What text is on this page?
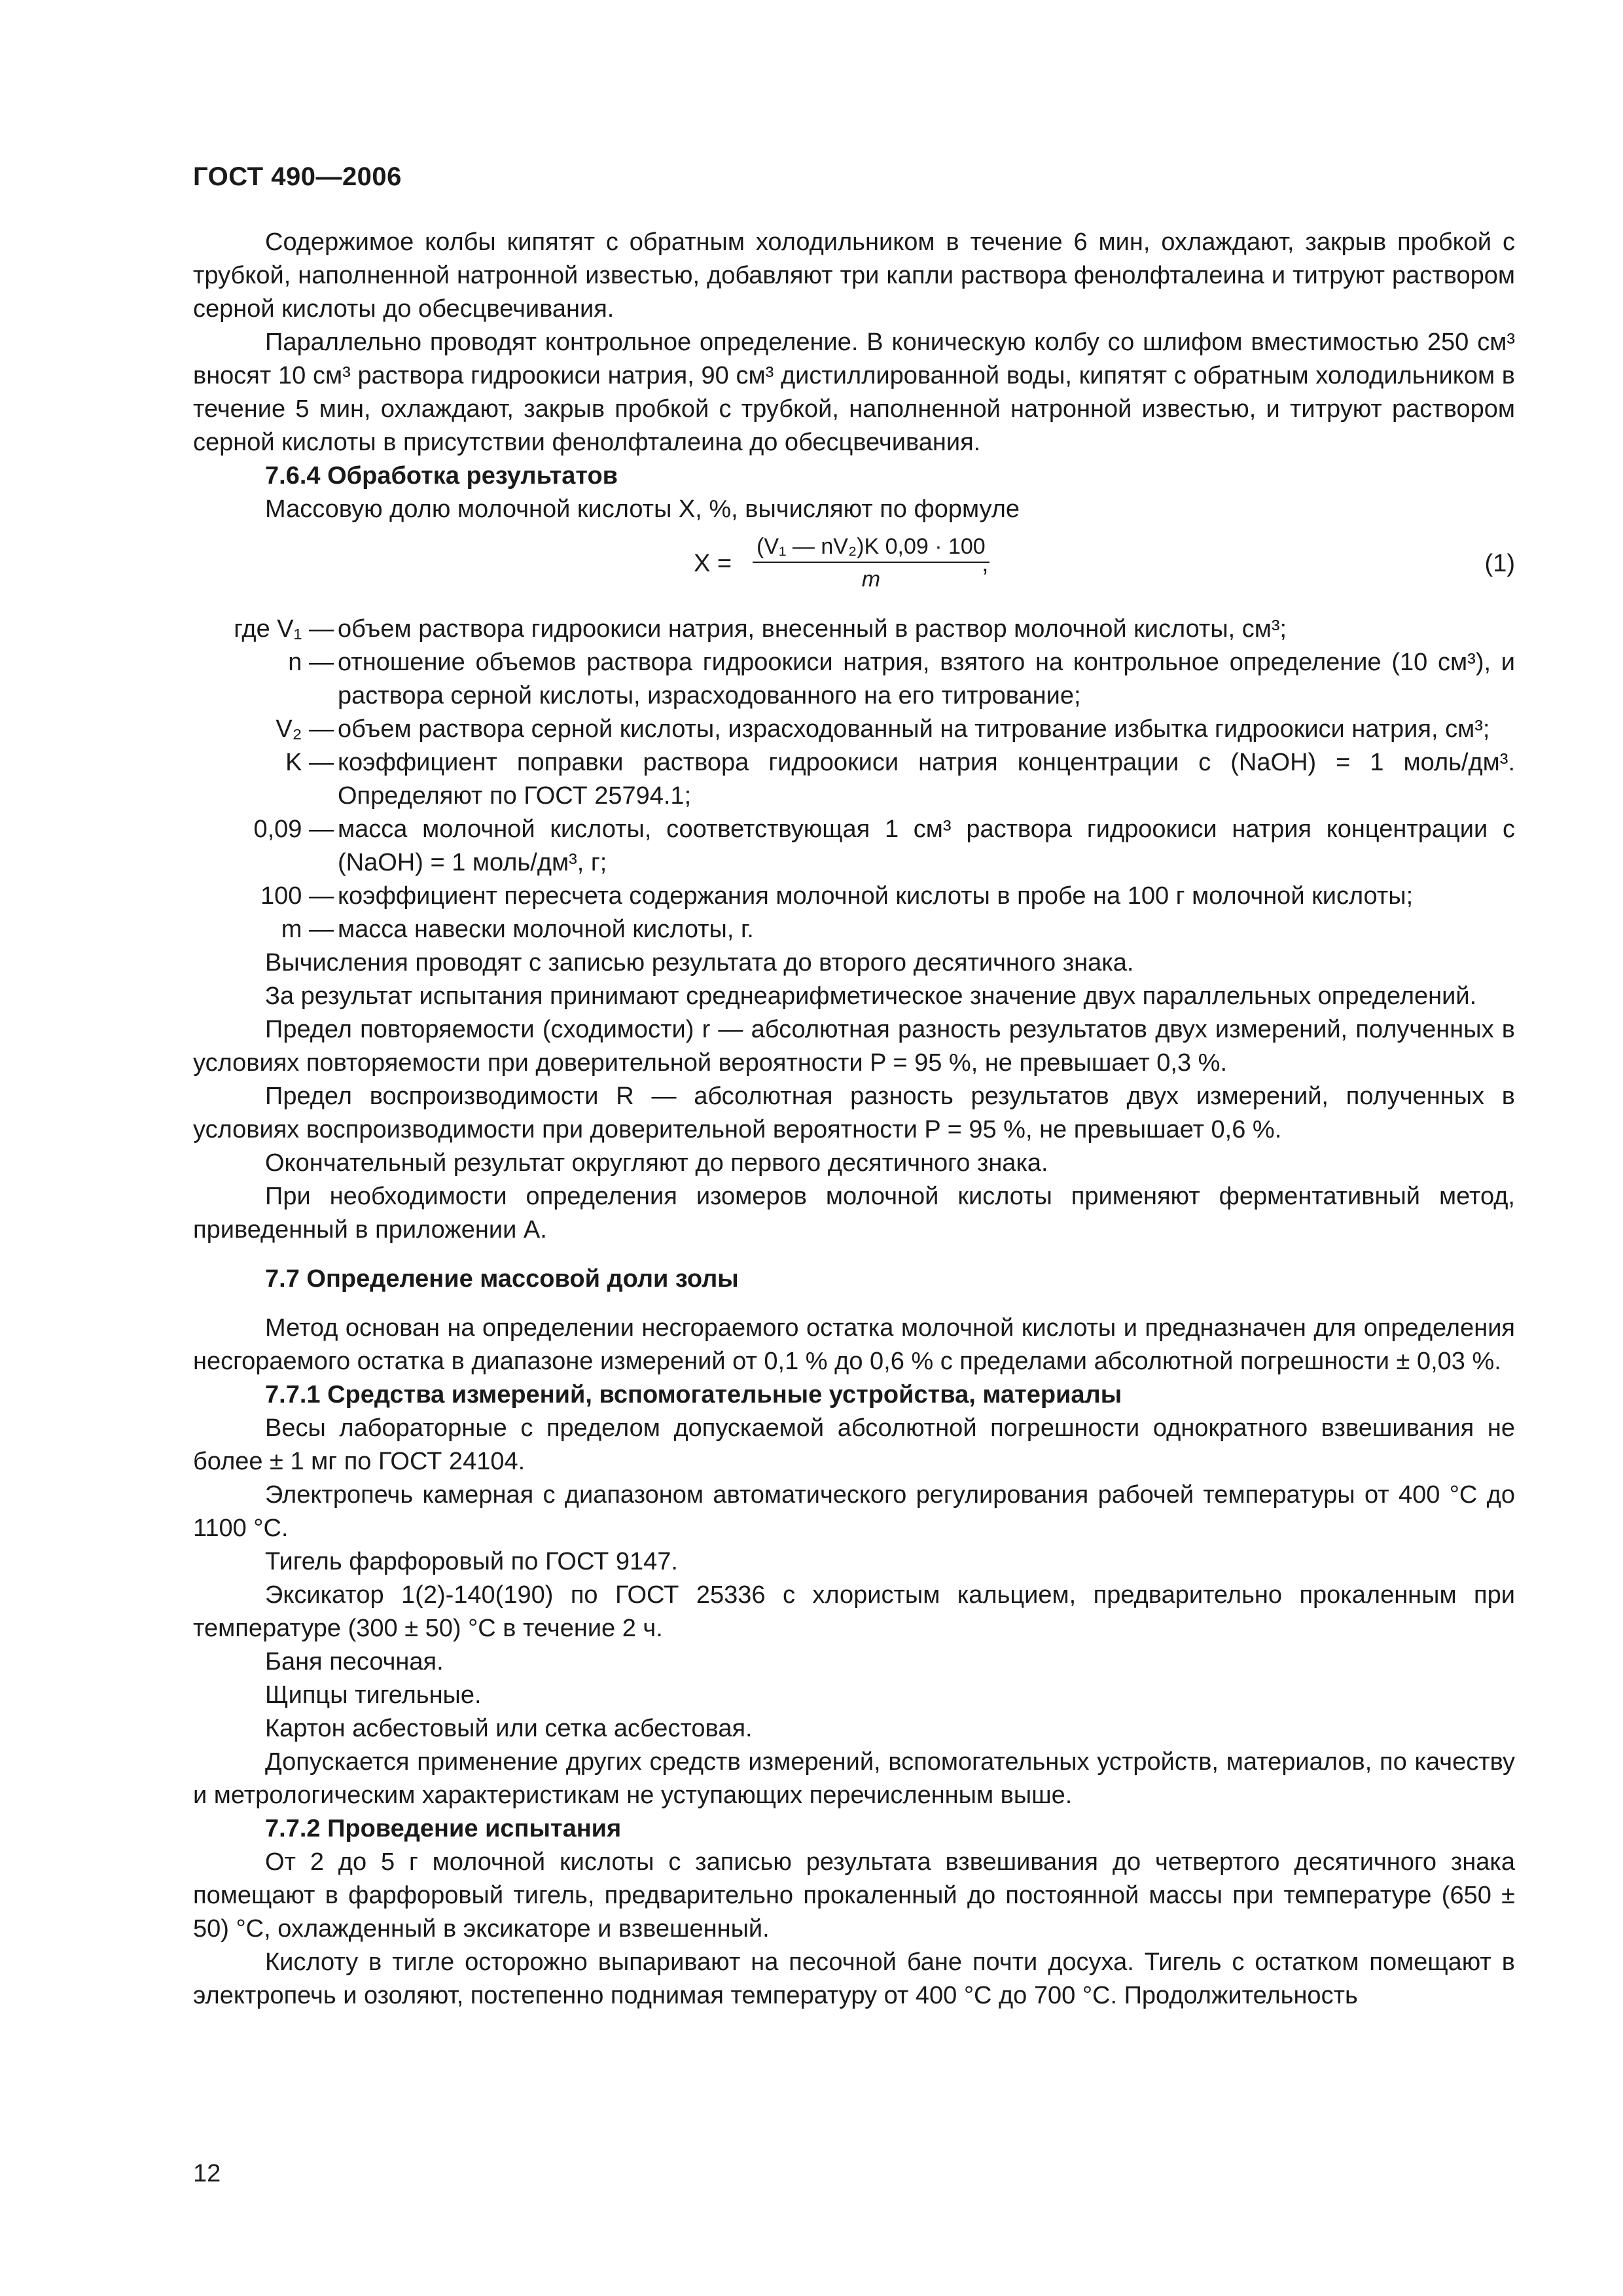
ГОСТ 490—2006

Содержимое колбы кипятят с обратным холодильником в течение 6 мин, охлаждают, закрыв пробкой с трубкой, наполненной натронной известью, добавляют три капли раствора фенолфталеина и титруют раствором серной кислоты до обесцвечивания.

Параллельно проводят контрольное определение. В коническую колбу со шлифом вместимостью 250 см³ вносят 10 см³ раствора гидроокиси натрия, 90 см³ дистиллированной воды, кипятят с обратным холодильником в течение 5 мин, охлаждают, закрыв пробкой с трубкой, наполненной натронной известью, и титруют раствором серной кислоты в присутствии фенолфталеина до обесцвечивания.

7.6.4 Обработка результатов

Массовую долю молочной кислоты X, %, вычисляют по формуле

$X = \frac{\text{(V₁ — nV₂)K 0,09 · 100}}{m}$
,	(1)
где V₁ —	объем раствора гидроокиси натрия, внесенный в раствор молочной кислоты, см³;
n —	отношение объемов раствора гидроокиси натрия, взятого на контрольное определение (10 см³), и раствора серной кислоты, израсходованного на его титрование;
V₂ —	объем раствора серной кислоты, израсходованный на титрование избытка гидроокиси натрия, см³;
K —	коэффициент поправки раствора гидроокиси натрия концентрации c (NaOH) = 1 моль/дм³. Определяют по ГОСТ 25794.1;
0,09 —	масса молочной кислоты, соответствующая 1 см³ раствора гидроокиси натрия концентрации c (NaOH) = 1 моль/дм³, г;
100 —	коэффициент пересчета содержания молочной кислоты в пробе на 100 г молочной кислоты;
m —	масса навески молочной кислоты, г.

Вычисления проводят с записью результата до второго десятичного знака.

За результат испытания принимают среднеарифметическое значение двух параллельных определений.

Предел повторяемости (сходимости) r — абсолютная разность результатов двух измерений, полученных в условиях повторяемости при доверительной вероятности P = 95 %, не превышает 0,3 %.

Предел воспроизводимости R — абсолютная разность результатов двух измерений, полученных в условиях воспроизводимости при доверительной вероятности P = 95 %, не превышает 0,6 %.

Окончательный результат округляют до первого десятичного знака.

При необходимости определения изомеров молочной кислоты применяют ферментативный метод, приведенный в приложении А.

7.7 Определение массовой доли золы

Метод основан на определении несгораемого остатка молочной кислоты и предназначен для определения несгораемого остатка в диапазоне измерений от 0,1 % до 0,6 % с пределами абсолютной погрешности ± 0,03 %.

7.7.1 Средства измерений, вспомогательные устройства, материалы

Весы лабораторные с пределом допускаемой абсолютной погрешности однократного взвешивания не более ± 1 мг по ГОСТ 24104.

Электропечь камерная с диапазоном автоматического регулирования рабочей температуры от 400 °С до 1100 °С.

Тигель фарфоровый по ГОСТ 9147.

Эксикатор 1(2)-140(190) по ГОСТ 25336 с хлористым кальцием, предварительно прокаленным при температуре (300 ± 50) °С в течение 2 ч.

Баня песочная.

Щипцы тигельные.

Картон асбестовый или сетка асбестовая.

Допускается применение других средств измерений, вспомогательных устройств, материалов, по качеству и метрологическим характеристикам не уступающих перечисленным выше.

7.7.2 Проведение испытания

От 2 до 5 г молочной кислоты с записью результата взвешивания до четвертого десятичного знака помещают в фарфоровый тигель, предварительно прокаленный до постоянной массы при температуре (650 ± 50) °С, охлажденный в эксикаторе и взвешенный.

Кислоту в тигле осторожно выпаривают на песочной бане почти досуха. Тигель с остатком помещают в электропечь и озоляют, постепенно поднимая температуру от 400 °С до 700 °С. Продолжительность

12
